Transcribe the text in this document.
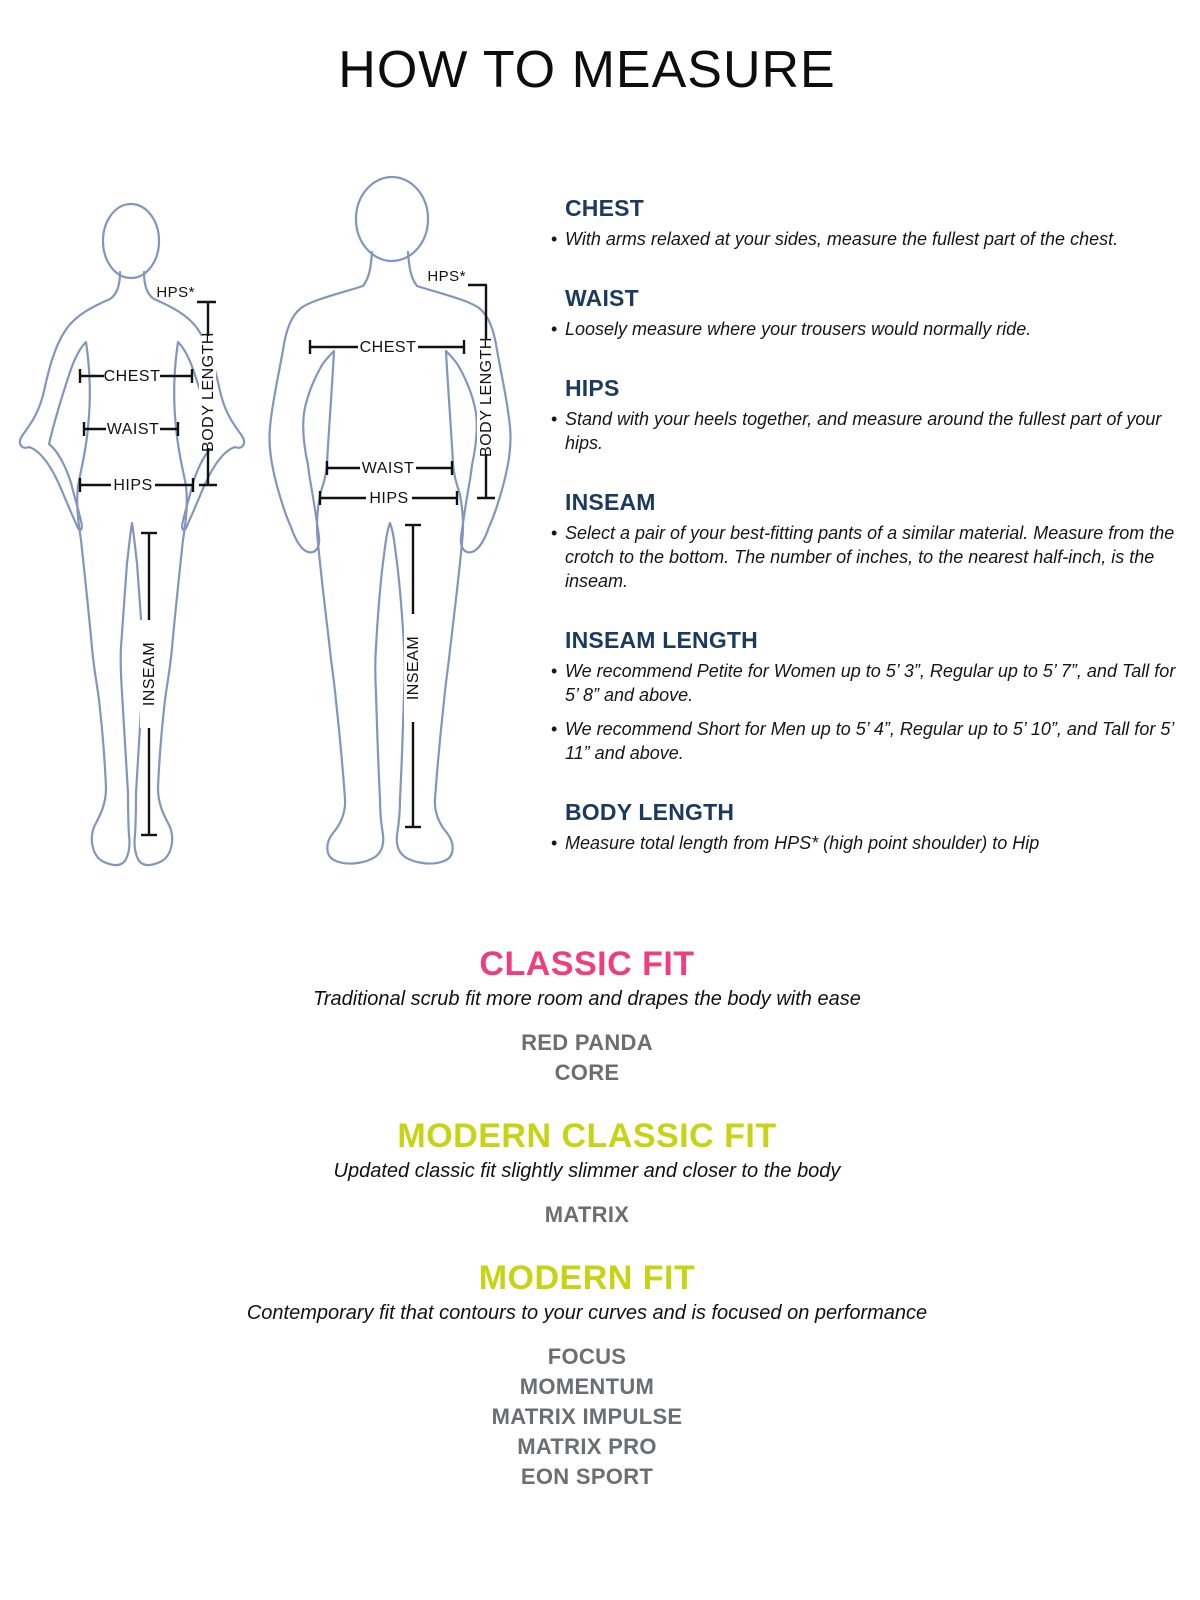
HOW TO MEASURE
HPS*
CHEST
WAIST
HIPS
BODY LENGTH
INSEAM
HPS*
CHEST
WAIST
HIPS
BODY LENGTH
INSEAM
CHEST

• With arms relaxed at your sides, measure the fullest part of the chest.

WAIST

• Loosely measure where your trousers would normally ride.

HIPS

• Stand with your heels together, and measure around the fullest part of your hips.

INSEAM

• Select a pair of your best-fitting pants of a similar material. Measure from the crotch to the bottom. The number of inches, to the nearest half-inch, is the inseam.

INSEAM LENGTH

• We recommend Petite for Women up to 5’ 3”, Regular up to 5’ 7”, and Tall for 5’ 8” and above.

• We recommend Short for Men up to 5’ 4”, Regular up to 5’ 10”, and Tall for 5’ 11” and above.

BODY LENGTH

• Measure total length from HPS* (high point shoulder) to Hip

CLASSIC FIT

Traditional scrub fit more room and drapes the body with ease

RED PANDA
CORE
MODERN CLASSIC FIT

Updated classic fit slightly slimmer and closer to the body

MATRIX
MODERN FIT

Contemporary fit that contours to your curves and is focused on performance

FOCUS
MOMENTUM
MATRIX IMPULSE
MATRIX PRO
EON SPORT
